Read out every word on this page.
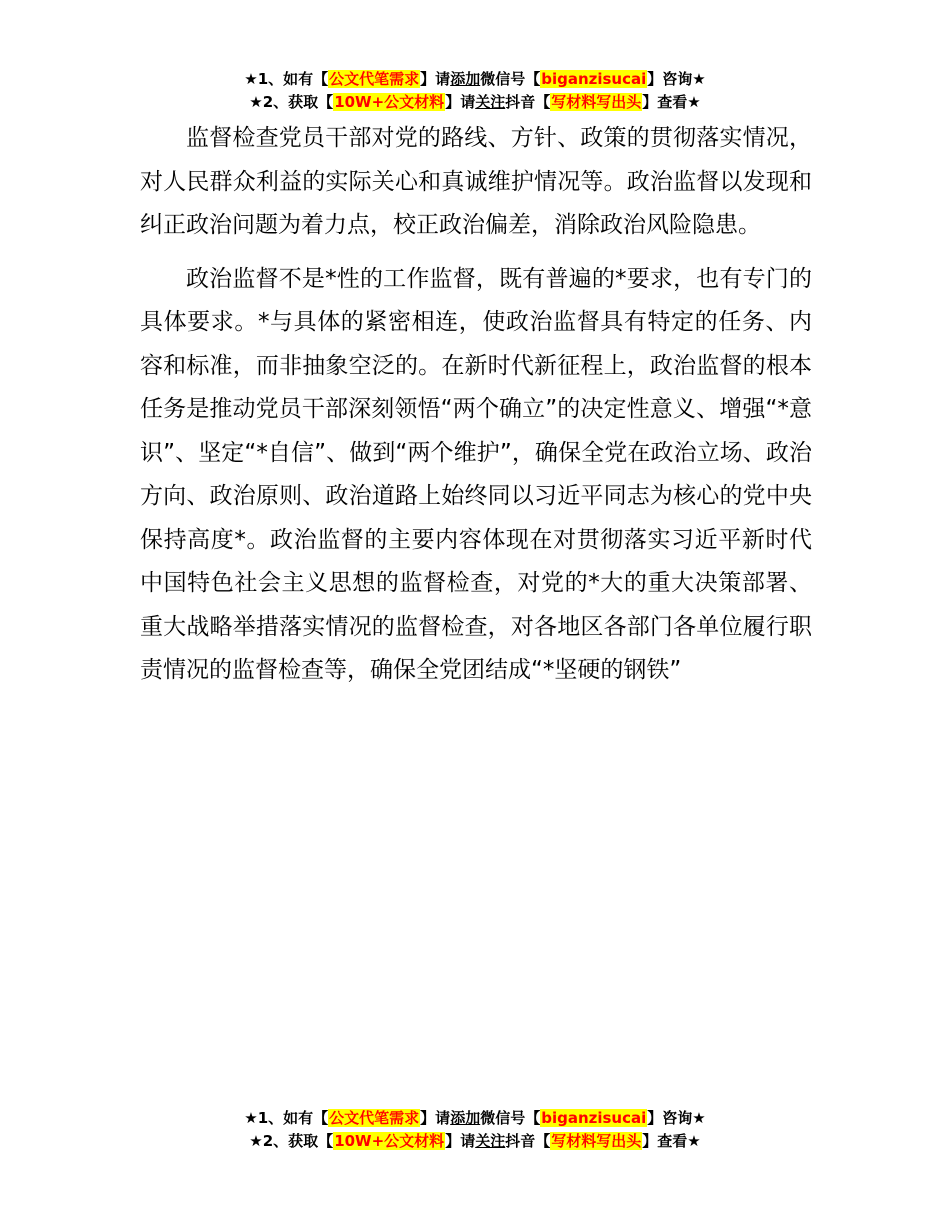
★1、如有【公文代笔需求】请添加微信号【biganzisucai】咨询★
★2、获取【10W+公文材料】请关注抖音【写材料写出头】查看★

监督检查党员干部对党的路线、方针、政策的贯彻落实情况，对人民群众利益的实际关心和真诚维护情况等。政治监督以发现和纠正政治问题为着力点，校正政治偏差，消除政治风险隐患。

政治监督不是*性的工作监督，既有普遍的*要求，也有专门的具体要求。*与具体的紧密相连，使政治监督具有特定的任务、内容和标准，而非抽象空泛的。在新时代新征程上，政治监督的根本任务是推动党员干部深刻领悟“两个确立”的决定性意义、增强“*意识”、坚定“*自信”、做到“两个维护”，确保全党在政治立场、政治方向、政治原则、政治道路上始终同以习近平同志为核心的党中央保持高度*。政治监督的主要内容体现在对贯彻落实习近平新时代中国特色社会主义思想的监督检查，对党的*大的重大决策部署、重大战略举措落实情况的监督检查，对各地区各部门各单位履行职责情况的监督检查等，确保全党团结成“*坚硬的钢铁”

★1、如有【公文代笔需求】请添加微信号【biganzisucai】咨询★
★2、获取【10W+公文材料】请关注抖音【写材料写出头】查看★
